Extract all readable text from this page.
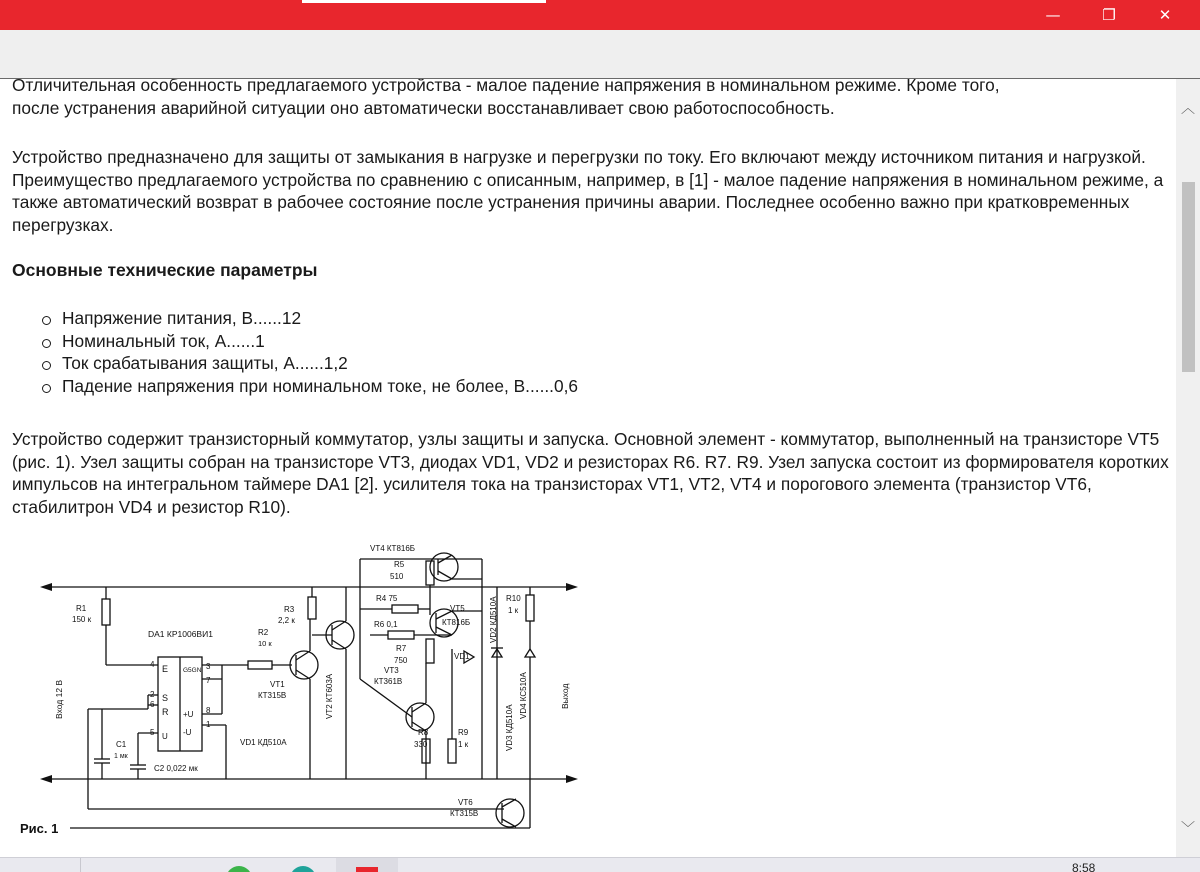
—	❐	✕

Отличительная особенность предлагаемого устройства - малое падение напряжения в номинальном режиме. Кроме того,

после устранения аварийной ситуации оно автоматически восстанавливает свою работоспособность.

Устройство предназначено для защиты от замыкания в нагрузке и перегрузки по току. Его включают между источником питания и нагрузкой. Преимущество предлагаемого устройства по сравнению с описанным, например, в [1] - малое падение напряжения в номинальном режиме, а также автоматический возврат в рабочее состояние после устранения причины аварии. Последнее особенно важно при кратковременных перегрузках.

Основные технические параметры

Напряжение питания, В......12
Номинальный ток, А......1
Ток срабатывания защиты, А......1,2
Падение напряжения при номинальном токе, не более, В......0,6

Устройство содержит транзисторный коммутатор, узлы защиты и запуска. Основной элемент - коммутатор, выполненный на транзисторе VT5 (рис. 1). Узел защиты собран на транзисторе VT3, диодах VD1, VD2 и резисторах R6. R7. R9. Узел запуска состоит из формирователя коротких импульсов на интегральном таймере DA1 [2]. усилителя тока на транзисторах VT1, VT2, VT4 и порогового элемента (транзистор VT6, стабилитрон VD4 и резистор R10).

R1
150 к
DA1 КР1006ВИ1
E
S
R
U
G5GN
+U
-U
4
2
6
5
3
7
8
1
C1
1 мк
C2 0,022 мк
R2
10 к
VT1
КТ315В
R3
2,2 к
VT2 КТ603А
VD1 КД510А
Вход 12 В
VT4 КТ816Б
R5
510
R4 75
R6 0,1
VT5
КТ816Б
R7
750
VT3
КТ361В
R8
330
R9
1 к
VD1
VD2 КД510А
VD3 КД510А
R10
1 к
VD4 КС510А	Выход
VT6
КТ315В
Рис. 1
︿
﹀
8:58
